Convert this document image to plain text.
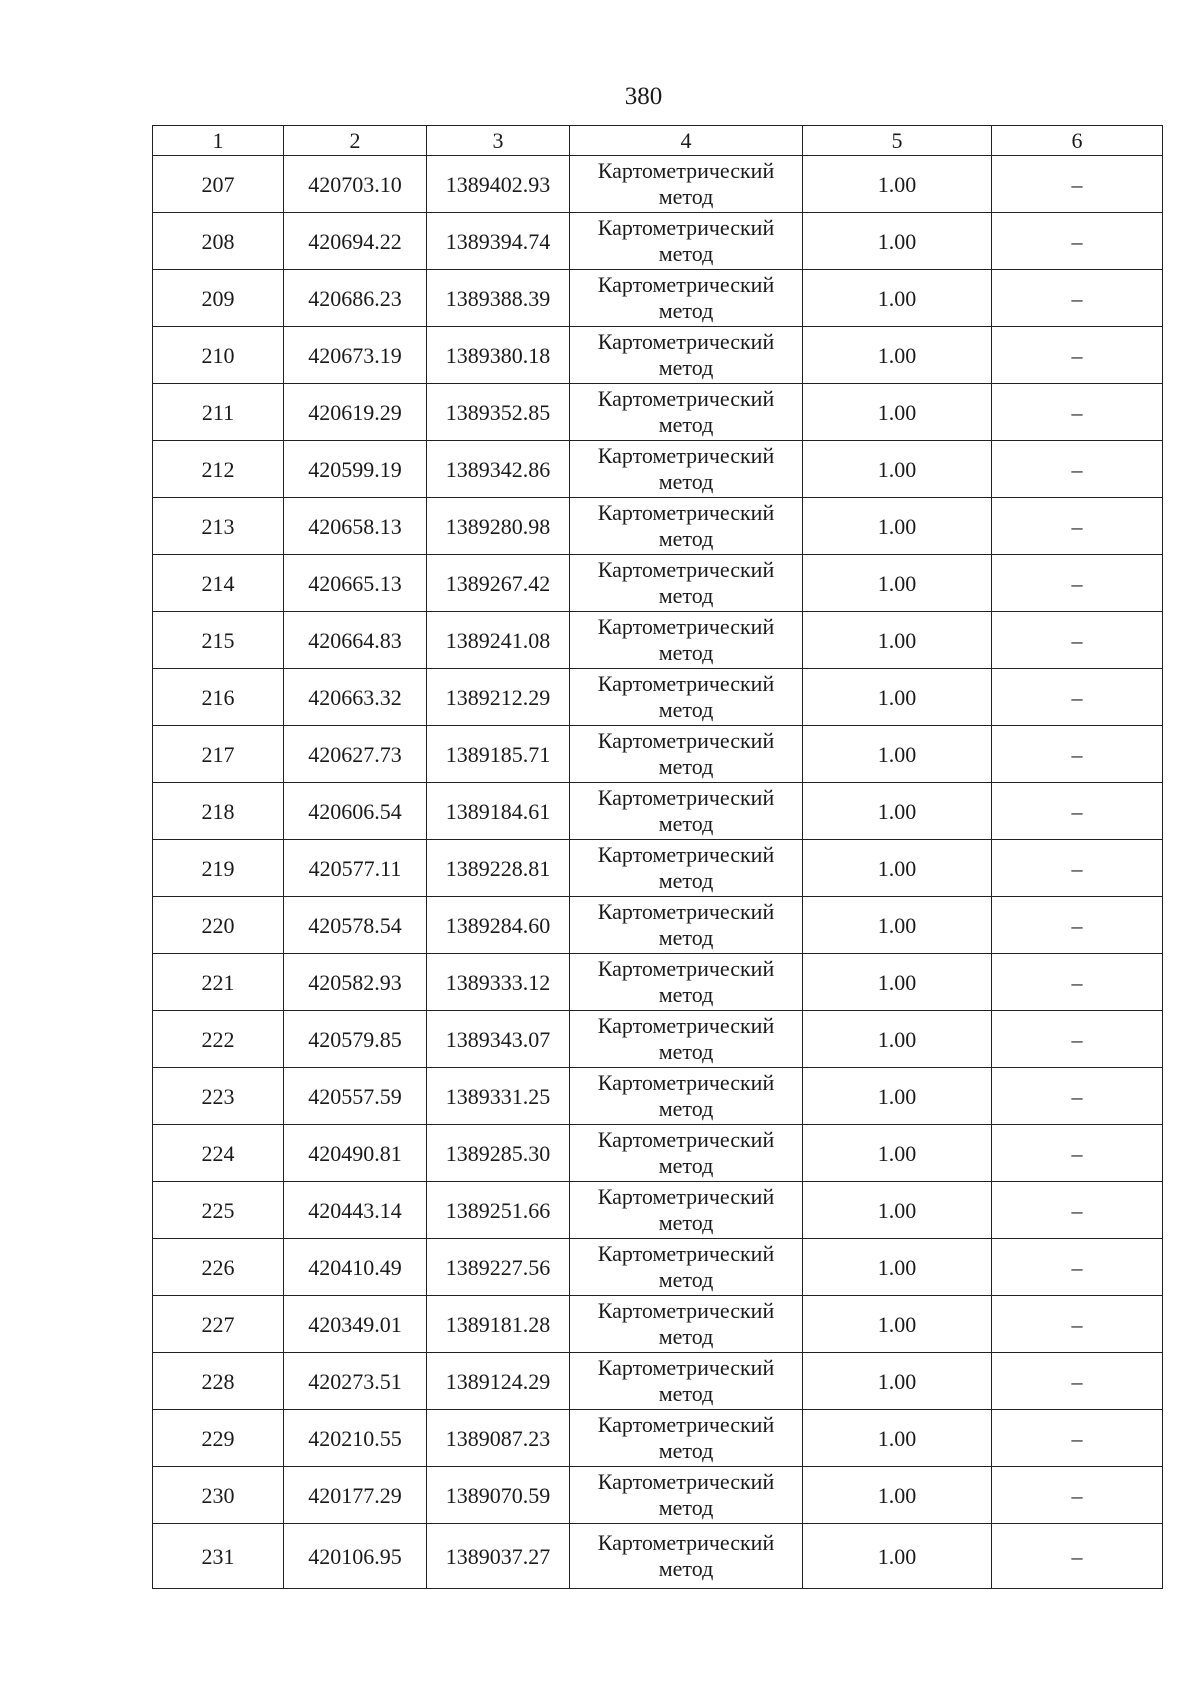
380
1	2	3	4	5	6
207	420703.10	1389402.93	Картометрический метод	1.00	–
208	420694.22	1389394.74	Картометрический метод	1.00	–
209	420686.23	1389388.39	Картометрический метод	1.00	–
210	420673.19	1389380.18	Картометрический метод	1.00	–
211	420619.29	1389352.85	Картометрический метод	1.00	–
212	420599.19	1389342.86	Картометрический метод	1.00	–
213	420658.13	1389280.98	Картометрический метод	1.00	–
214	420665.13	1389267.42	Картометрический метод	1.00	–
215	420664.83	1389241.08	Картометрический метод	1.00	–
216	420663.32	1389212.29	Картометрический метод	1.00	–
217	420627.73	1389185.71	Картометрический метод	1.00	–
218	420606.54	1389184.61	Картометрический метод	1.00	–
219	420577.11	1389228.81	Картометрический метод	1.00	–
220	420578.54	1389284.60	Картометрический метод	1.00	–
221	420582.93	1389333.12	Картометрический метод	1.00	–
222	420579.85	1389343.07	Картометрический метод	1.00	–
223	420557.59	1389331.25	Картометрический метод	1.00	–
224	420490.81	1389285.30	Картометрический метод	1.00	–
225	420443.14	1389251.66	Картометрический метод	1.00	–
226	420410.49	1389227.56	Картометрический метод	1.00	–
227	420349.01	1389181.28	Картометрический метод	1.00	–
228	420273.51	1389124.29	Картометрический метод	1.00	–
229	420210.55	1389087.23	Картометрический метод	1.00	–
230	420177.29	1389070.59	Картометрический метод	1.00	–
231	420106.95	1389037.27	Картометрический метод	1.00	–
